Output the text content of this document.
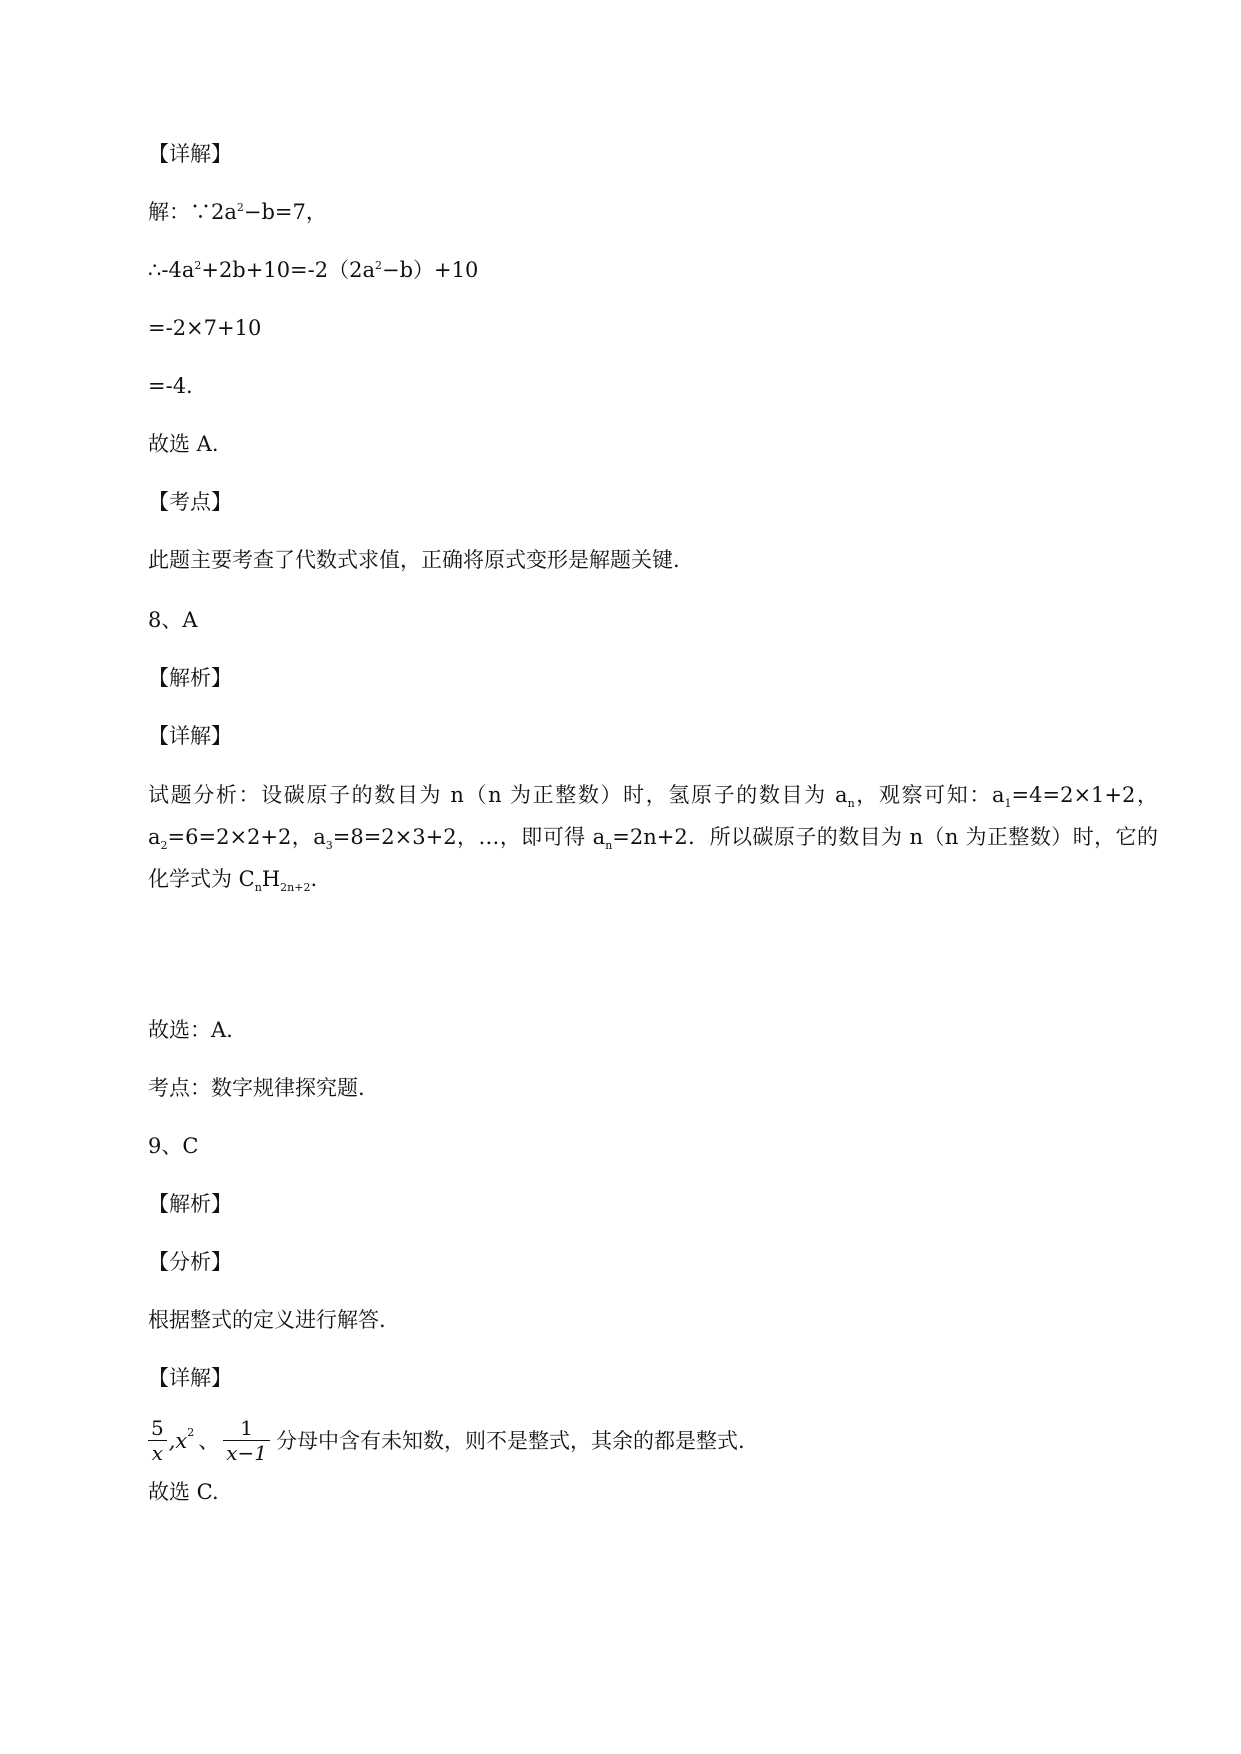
【详解】
解：$\because 2a^2-b=7$，
$\therefore-4a^2+2b+10=-2(2a^2-b)+10$
=-2×7+10
=-4.
故选 A.
【考点】
此题主要考查了代数式求值，正确将原式变形是解题关键.
8、A
【解析】
【详解】
试题分析：设碳原子的数目为 n（n 为正整数）时，氢原子的数目为 $a_n$，观察可知：$a_1=4=2\times 1+2$，$a_2=6=2\times 2+2$，$a_3=8=2\times 3+2$，…，即可得 $a_n=2n+2$．所以碳原子的数目为 n（n 为正整数）时，它的化学式为 $C_nH_{2n+2}$.
故选：A.
考点：数字规律探究题.
9、C
【解析】
【分析】
根据整式的定义进行解答.
【详解】
$\frac{5}{x} ,x$ 2 、 $\frac{1}{x-1}$ 分母中含有未知数，则不是整式，其余的都是整式.
故选 C.
